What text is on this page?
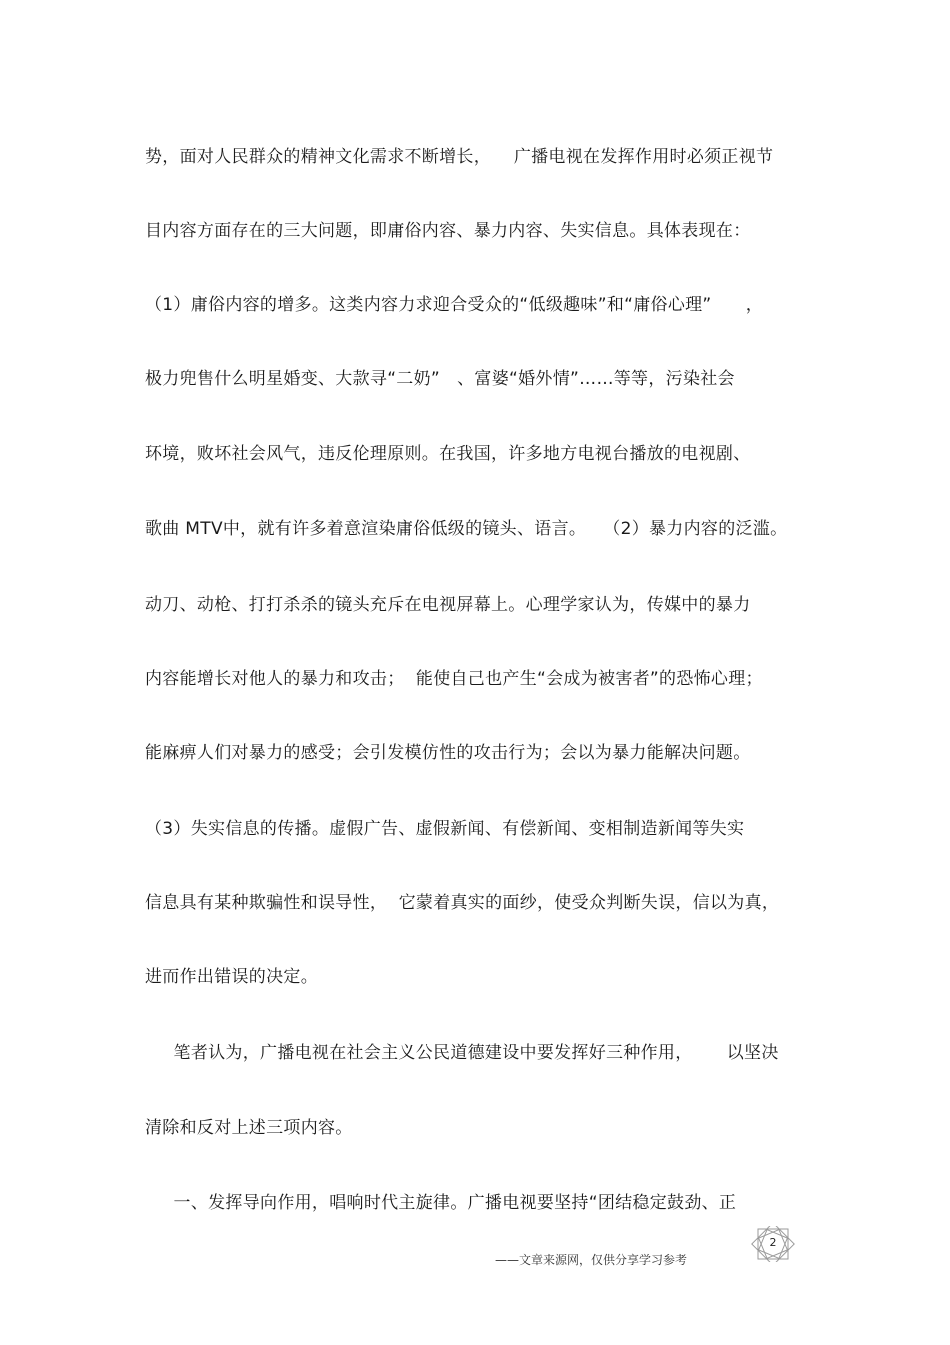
势，面对人民群众的精神文化需求不断增长，    广播电视在发挥作用时必须正视节
目内容方面存在的三大问题，即庸俗内容、暴力内容、失实信息。具体表现在：
（1）庸俗内容的增多。这类内容力求迎合受众的“低级趣味”和“庸俗心理”      ，
极力兜售什么明星婚变、大款寻“二奶”   、富婆“婚外情”……等等，污染社会
环境，败坏社会风气，违反伦理原则。在我国，许多地方电视台播放的电视剧、
歌曲 MTV中，就有许多着意渲染庸俗低级的镜头、语言。   （2）暴力内容的泛滥。
动刀、动枪、打打杀杀的镜头充斥在电视屏幕上。心理学家认为，传媒中的暴力
内容能增长对他人的暴力和攻击；  能使自己也产生“会成为被害者”的恐怖心理；
能麻痹人们对暴力的感受；会引发模仿性的攻击行为；会以为暴力能解决问题。
（3）失实信息的传播。虚假广告、虚假新闻、有偿新闻、变相制造新闻等失实
信息具有某种欺骗性和误导性，  它蒙着真实的面纱，使受众判断失误，信以为真，
进而作出错误的决定。
笔者认为，广播电视在社会主义公民道德建设中要发挥好三种作用，      以坚决
清除和反对上述三项内容。
一、发挥导向作用，唱响时代主旋律。广播电视要坚持“团结稳定鼓劲、正
2
——文章来源网，仅供分享学习参考
